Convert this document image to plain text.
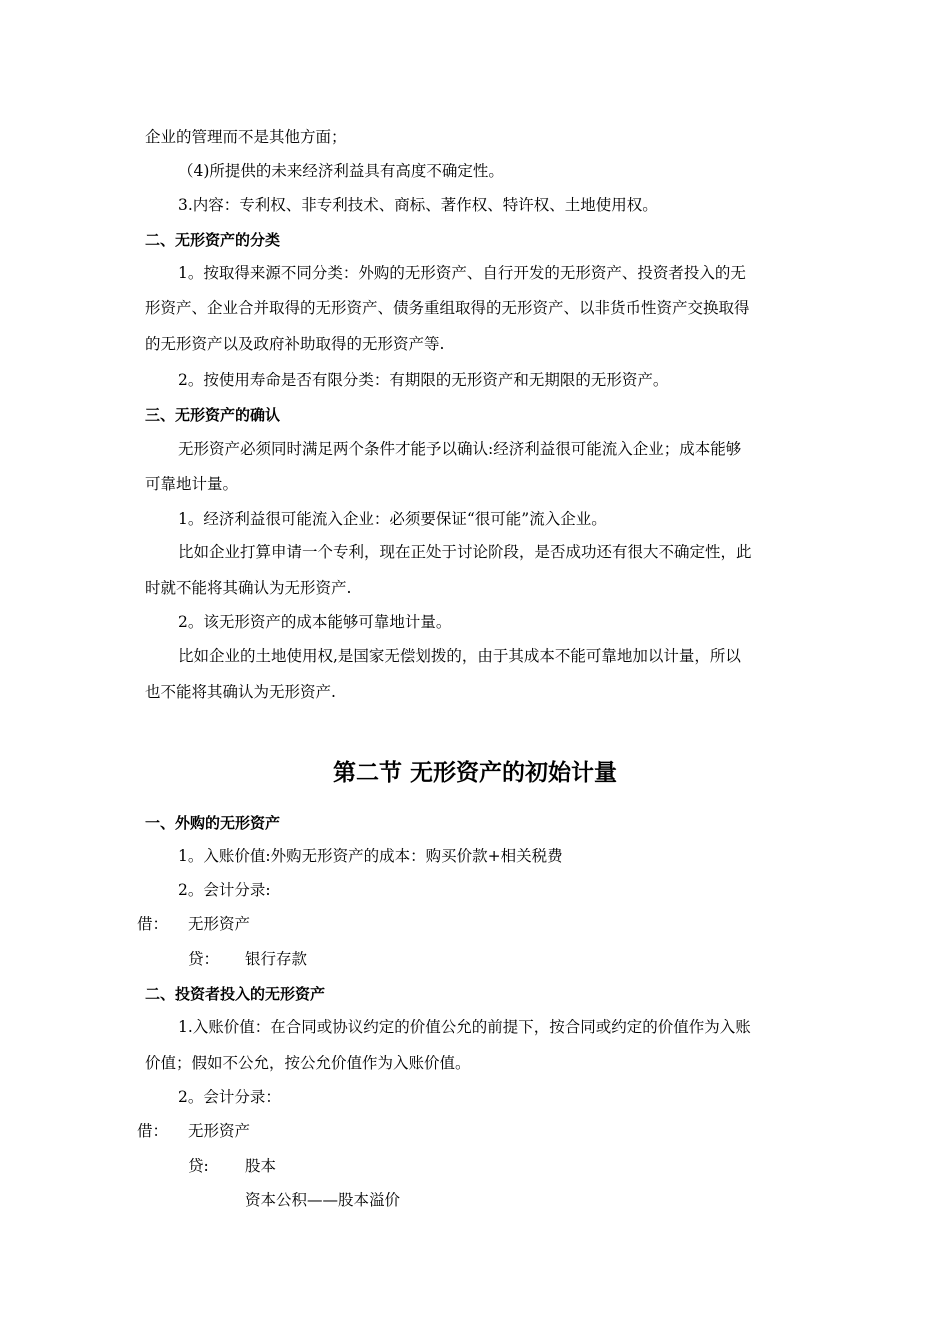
企业的管理而不是其他方面；
（4)所提供的未来经济利益具有高度不确定性。
3.内容：专利权、非专利技术、商标、著作权、特许权、土地使用权。
二、无形资产的分类
1。按取得来源不同分类：外购的无形资产、自行开发的无形资产、投资者投入的无
形资产、企业合并取得的无形资产、债务重组取得的无形资产、以非货币性资产交换取得
的无形资产以及政府补助取得的无形资产等.
2。按使用寿命是否有限分类：有期限的无形资产和无期限的无形资产。
三、无形资产的确认
无形资产必须同时满足两个条件才能予以确认:经济利益很可能流入企业；成本能够
可靠地计量。
1。经济利益很可能流入企业：必须要保证“很可能”流入企业。
比如企业打算申请一个专利，现在正处于讨论阶段，是否成功还有很大不确定性，此
时就不能将其确认为无形资产.
2。该无形资产的成本能够可靠地计量。
比如企业的土地使用权,是国家无偿划拨的，由于其成本不能可靠地加以计量，所以
也不能将其确认为无形资产.
第二节 无形资产的初始计量
一、外购的无形资产
1。入账价值:外购无形资产的成本：购买价款+相关税费
2。会计分录:
借： 无形资产
贷： 银行存款
二、投资者投入的无形资产
1.入账价值：在合同或协议约定的价值公允的前提下，按合同或约定的价值作为入账
价值；假如不公允，按公允价值作为入账价值。
2。会计分录：
借： 无形资产
贷: 股本
资本公积——股本溢价
